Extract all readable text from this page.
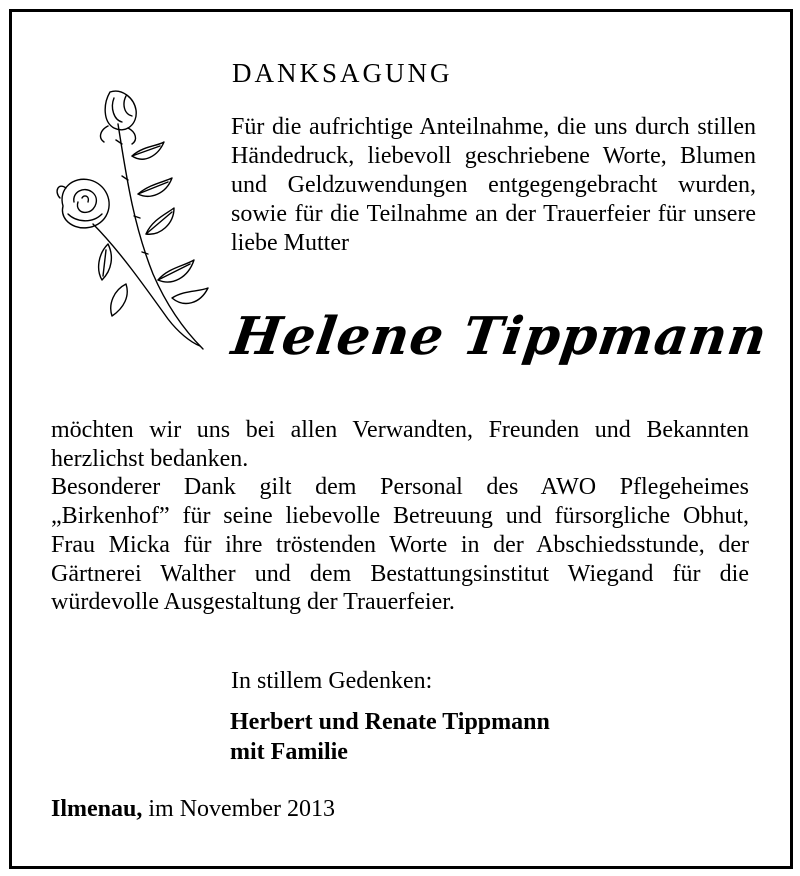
DANKSAGUNG
Für die aufrichtige Anteilnahme, die uns durch stillen Händedruck, liebevoll geschriebene Worte, Blumen und Geldzuwendungen entgegengebracht wurden, sowie für die Teilnahme an der Trauerfeier für unsere liebe Mutter
Helene Tippmann

möchten wir uns bei allen Verwandten, Freunden und Bekannten herzlichst bedanken.

Besonderer Dank gilt dem Personal des AWO Pflegeheimes „Birkenhof” für seine liebevolle Betreuung und fürsorgliche Obhut, Frau Micka für ihre tröstenden Worte in der Abschiedsstunde, der Gärtnerei Walther und dem Bestattungsinstitut Wiegand für die würdevolle Ausgestaltung der Trauerfeier.

In stillem Gedenken:
Herbert und Renate Tippmann
mit Familie
Ilmenau, im November 2013
